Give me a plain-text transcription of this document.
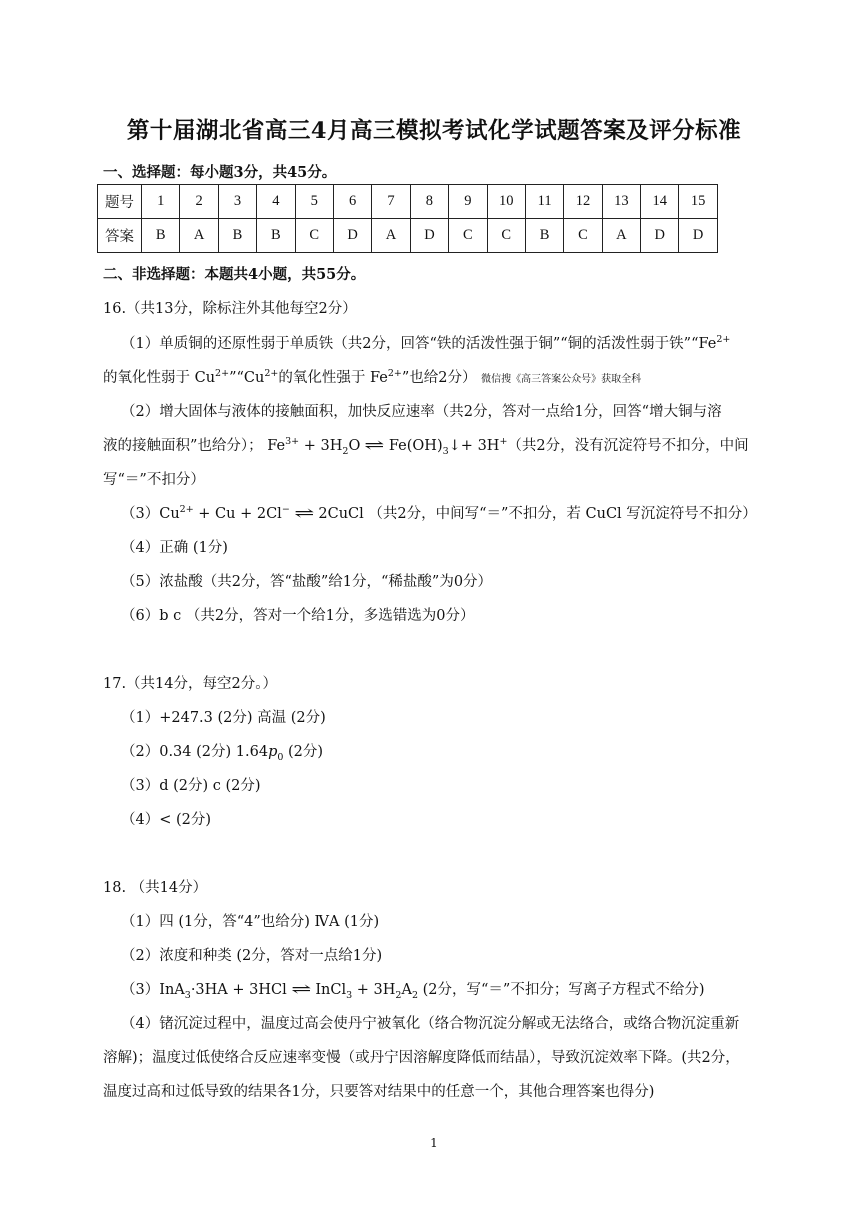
第十届湖北省高三4月高三模拟考试化学试题答案及评分标准
一、选择题：每小题3分，共45分。
题号	1	2	3	4	5	6	7	8	9	10	11	12	13	14	15
答案	B	A	B	B	C	D	A	D	C	C	B	C	A	D	D
二、非选择题：本题共4小题，共55分。
16.（共13分，除标注外其他每空2分）
（1）单质铜的还原性弱于单质铁（共2分，回答“铁的活泼性强于铜”“铜的活泼性弱于铁$”“Fe^{2+}$
的氧化性弱于 $Cu^{2+}”“Cu^{2+}$的氧化性强于 $Fe^{2+}$”也给2分） 微信搜《高三答案公众号》获取全科
（2）增大固体与液体的接触面积，加快反应速率（共2分，答对一点给1分，回答“增大铜与溶
液的接触面积”也给分）； $Fe^{3+} + 3H_2O$ ⇌ $Fe(OH)_3↓+ 3H^+$（共2分，没有沉淀符号不扣分，中间
写“＝”不扣分）
$(3)Cu^{2+} + Cu + 2Cl^-$ ⇌ 2CuCl （共2分，中间写“＝”不扣分，若 CuCl 写沉淀符号不扣分）
（4）正确 (1分)
（5）浓盐酸（共2分，答“盐酸”给1分，“稀盐酸”为0分）
（6）b c （共2分，答对一个给1分，多选错选为0分）
17.（共14分，每空2分。）
（1）+247.3 (2分) 高温 (2分)
（2）0.34 (2分) $1.64p_0$ (2分)
（3）d (2分) c (2分)
（4）< (2分)
18. （共14分）
（1）四 (1分，答“4”也给分) ⅣA (1分)
（2）浓度和种类 (2分，答对一点给1分)
（3）InA$_3$·3HA + 3HCl ⇌ InCl$_3$ + $3H_2A_2$ (2分，写“＝”不扣分；写离子方程式不给分)
（4）锗沉淀过程中，温度过高会使丹宁被氧化（络合物沉淀分解或无法络合，或络合物沉淀重新
溶解)；温度过低使络合反应速率变慢（或丹宁因溶解度降低而结晶），导致沉淀效率下降。(共2分，
温度过高和过低导致的结果各1分，只要答对结果中的任意一个，其他合理答案也得分)
1
